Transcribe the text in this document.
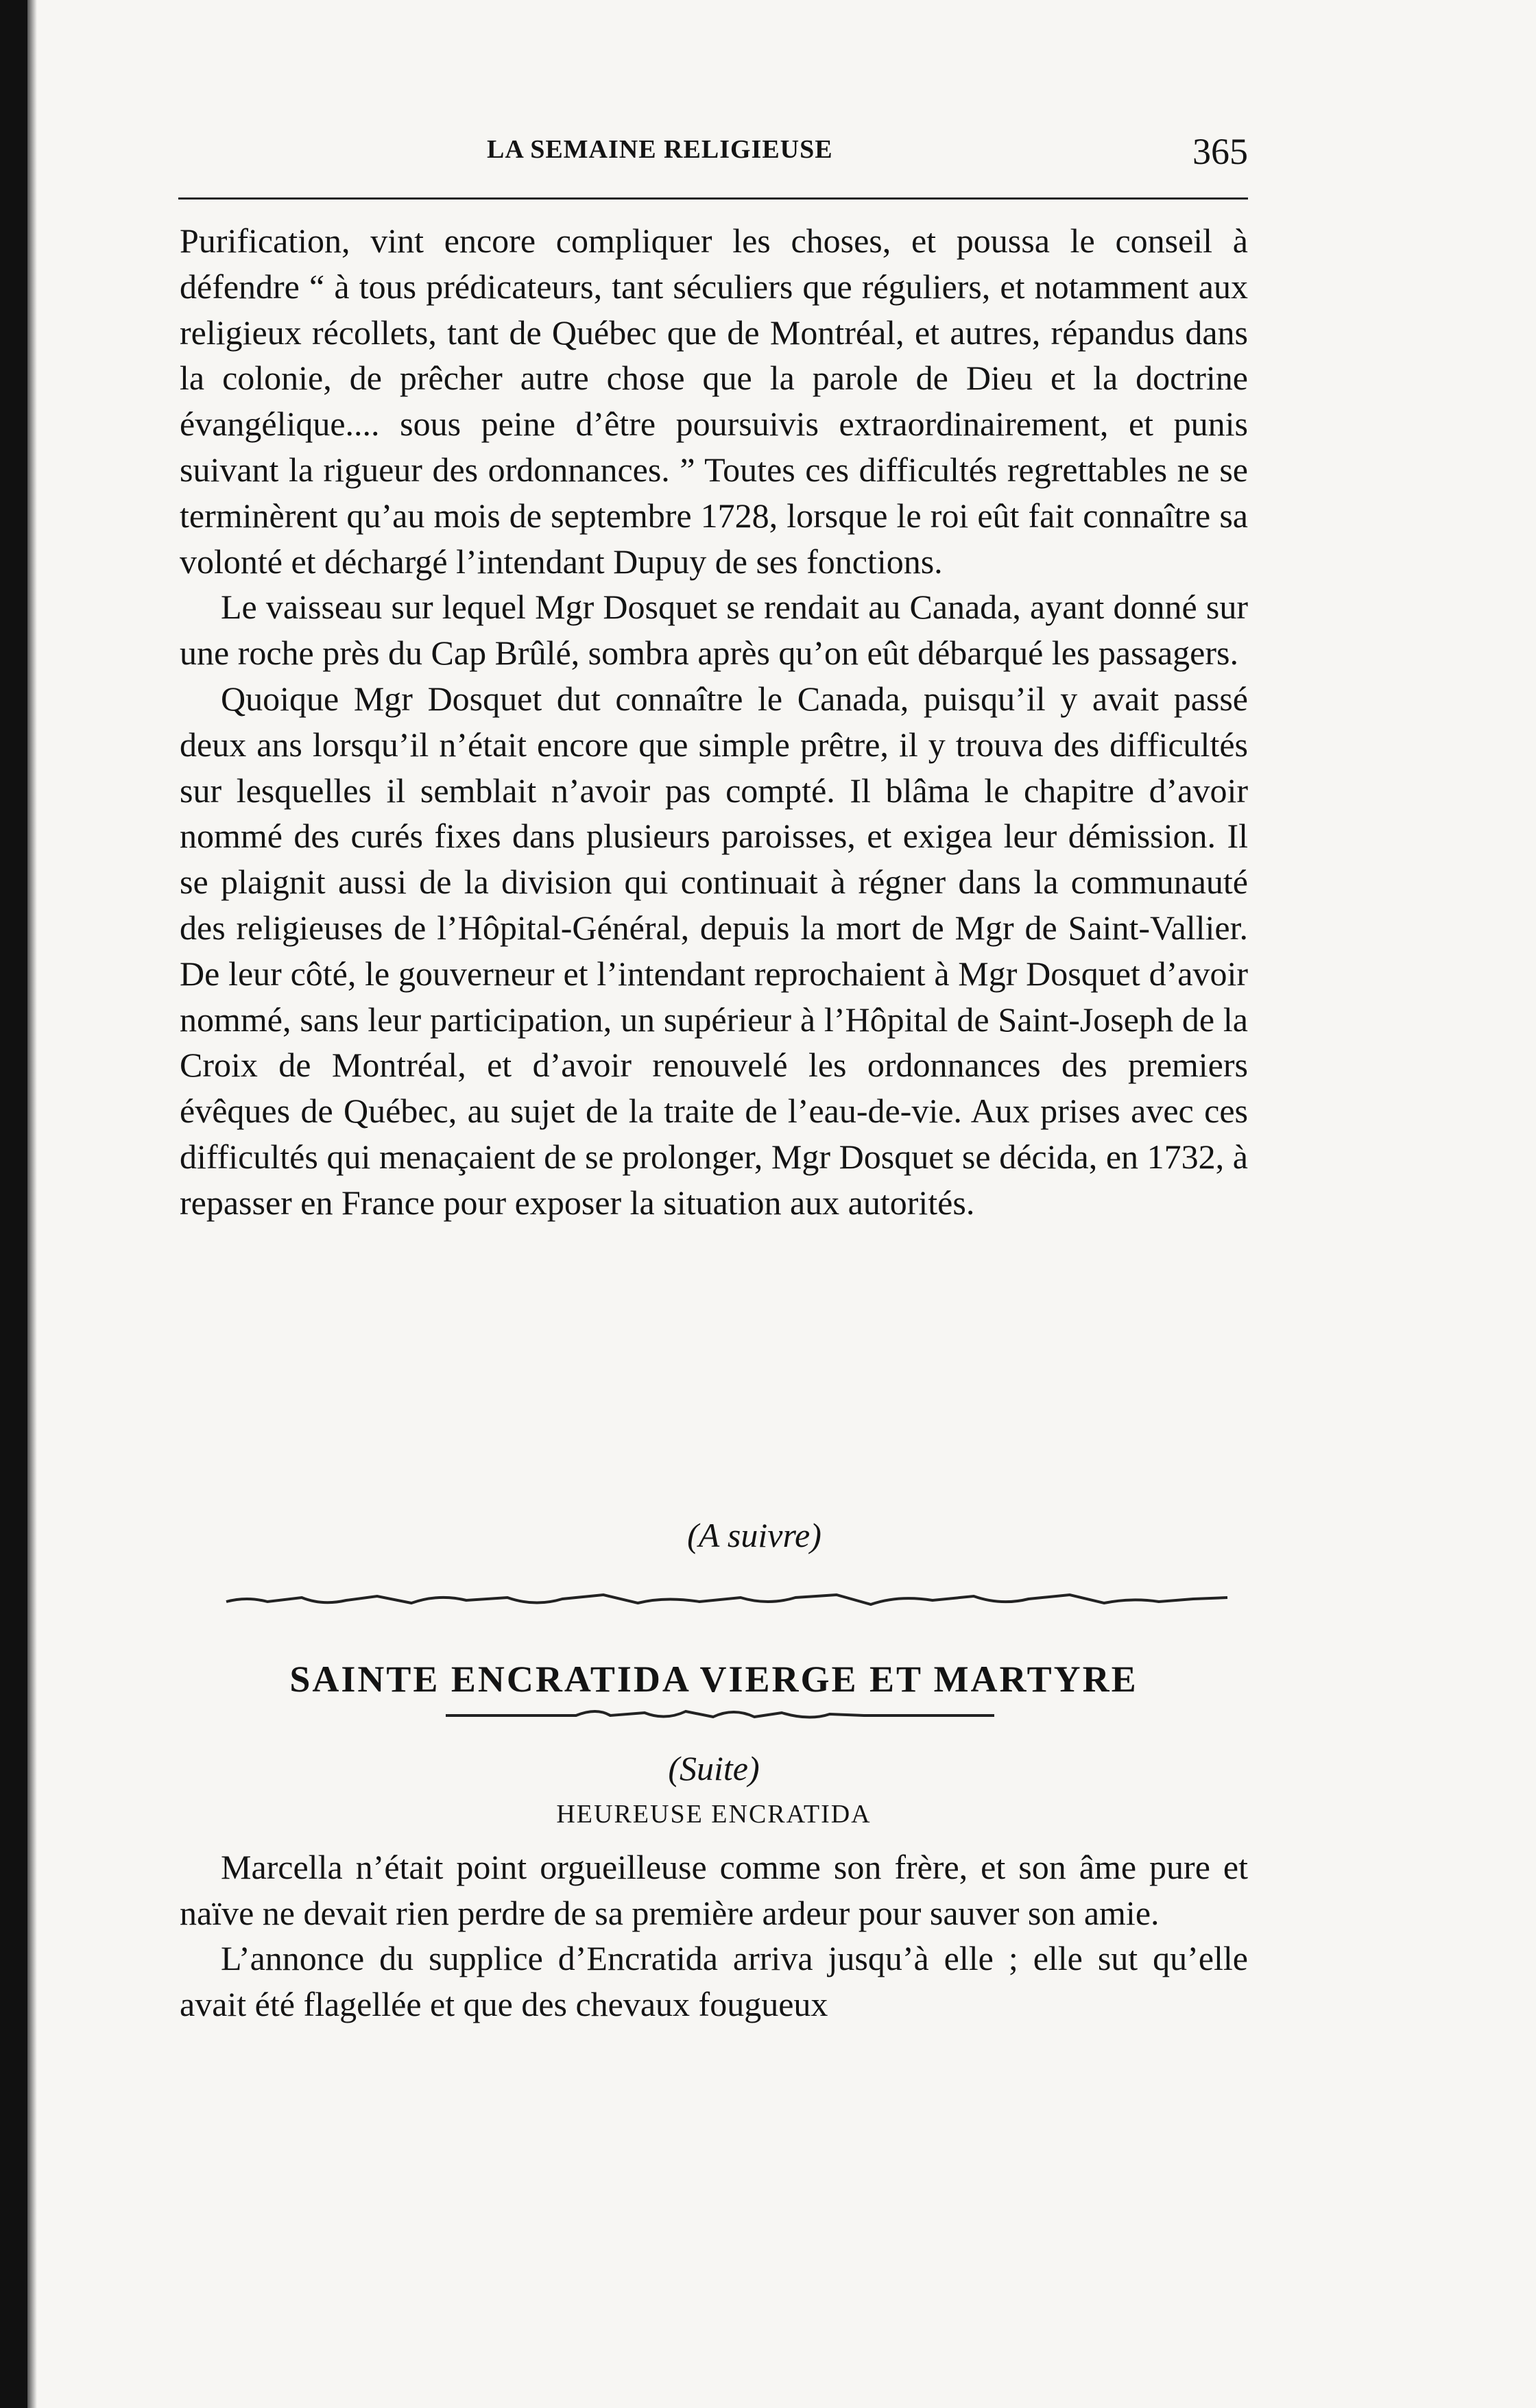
LA SEMAINE RELIGIEUSE	365

Purification, vint encore compliquer les choses, et poussa le conseil à défendre “ à tous prédicateurs, tant séculiers que réguliers, et notamment aux religieux récollets, tant de Québec que de Montréal, et autres, répandus dans la colonie, de prêcher autre chose que la parole de Dieu et la doctrine évangélique.... sous peine d’être poursuivis extraordinairement, et punis suivant la rigueur des ordonnances. ” Toutes ces difficultés regrettables ne se terminèrent qu’au mois de septembre 1728, lorsque le roi eût fait connaître sa volonté et déchargé l’intendant Dupuy de ses fonctions.

Le vaisseau sur lequel Mgr Dosquet se rendait au Canada, ayant donné sur une roche près du Cap Brûlé, sombra après qu’on eût débarqué les passagers.

Quoique Mgr Dosquet dut connaître le Canada, puisqu’il y avait passé deux ans lorsqu’il n’était encore que simple prêtre, il y trouva des difficultés sur lesquelles il semblait n’avoir pas compté. Il blâma le chapitre d’avoir nommé des curés fixes dans plusieurs paroisses, et exigea leur démission. Il se plaignit aussi de la division qui continuait à régner dans la communauté des religieuses de l’Hôpital-Général, depuis la mort de Mgr de Saint-Vallier. De leur côté, le gouverneur et l’intendant reprochaient à Mgr Dosquet d’avoir nommé, sans leur participation, un supérieur à l’Hôpital de Saint-Joseph de la Croix de Montréal, et d’avoir renouvelé les ordonnances des premiers évêques de Québec, au sujet de la traite de l’eau-de-vie. Aux prises avec ces difficultés qui menaçaient de se prolonger, Mgr Dosquet se décida, en 1732, à repasser en France pour exposer la situation aux autorités.

(A suivre)
SAINTE ENCRATIDA VIERGE ET MARTYRE
(Suite)
HEUREUSE ENCRATIDA

Marcella n’était point orgueilleuse comme son frère, et son âme pure et naïve ne devait rien perdre de sa première ardeur pour sauver son amie.

L’annonce du supplice d’Encratida arriva jusqu’à elle ; elle sut qu’elle avait été flagellée et que des chevaux fougueux
